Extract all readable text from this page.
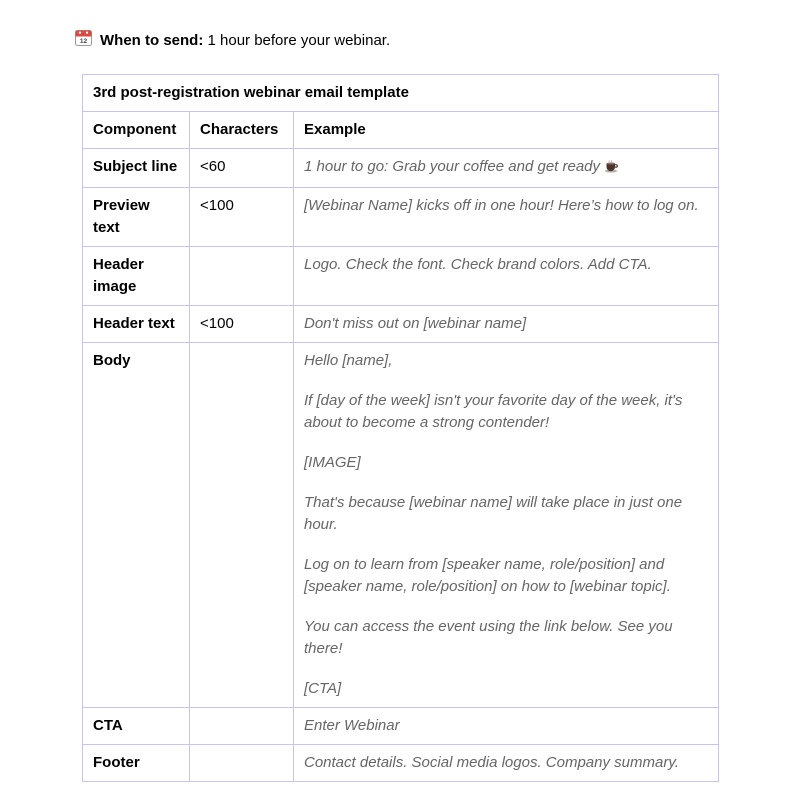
12 When to send: 1 hour before your webinar.
3rd post-registration webinar email template		
Component	Characters	Example
Subject line	<60	1 hour to go: Grab your coffee and get ready

Preview text	<100	[Webinar Name] kicks off in one hour! Here’s how to log on.

Header image		Logo. Check the font. Check brand colors. Add CTA.

Header text	<100	Don't miss out on [webinar name]

Body		Hello [name],

If [day of the week] isn't your favorite day of the week, it's about to become a strong contender!

[IMAGE]

That's because [webinar name] will take place in just one hour.

Log on to learn from [speaker name, role/position] and [speaker name, role/position] on how to [webinar topic].

You can access the event using the link below. See you there!

[CTA]

CTA		Enter Webinar

Footer		Contact details. Social media logos. Company summary.
